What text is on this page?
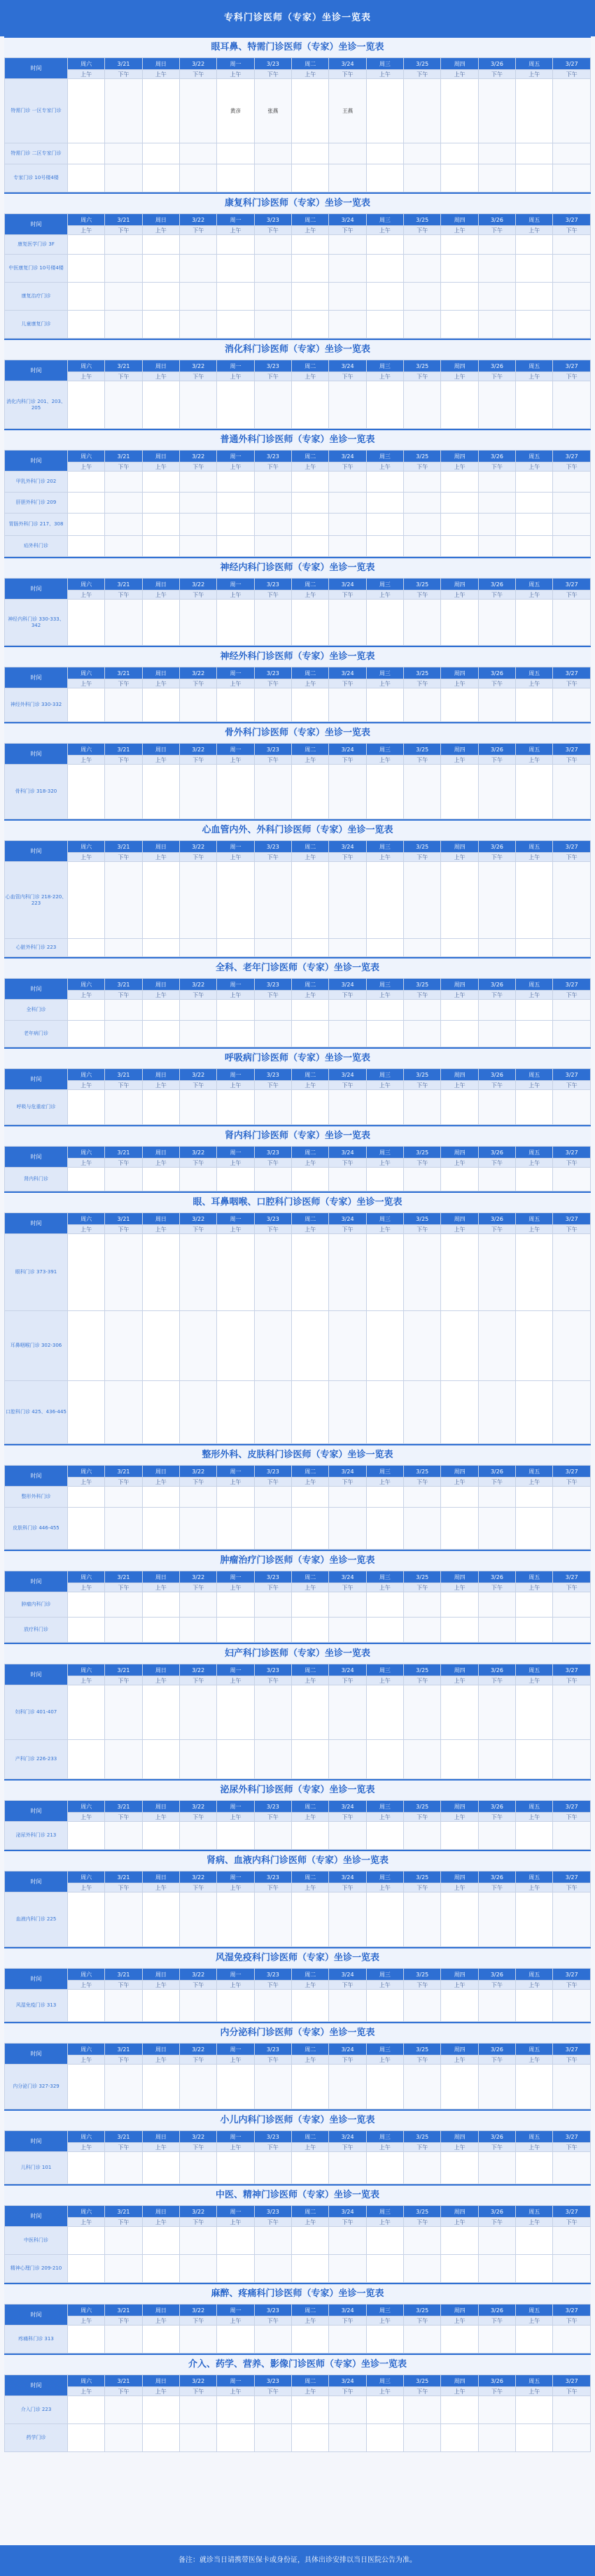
专科门诊医师（专家）坐诊一览表
眼耳鼻、特需门诊医师（专家）坐诊一览表
时间	周六	3/21	周日	3/22	周一	3/23	周二	3/24	周三	3/25	周四	3/26	周五	3/27
	上午	下午	上午	下午	上午	下午	上午	下午	上午	下午	上午	下午	上午	下午
特需门诊 一区专家门诊					黄彦	张燕		王燕						
特需门诊 二区专家门诊														
专家门诊 10号楼4楼														
康复科门诊医师（专家）坐诊一览表
时间	周六	3/21	周日	3/22	周一	3/23	周二	3/24	周三	3/25	周四	3/26	周五	3/27
	上午	下午	上午	下午	上午	下午	上午	下午	上午	下午	上午	下午	上午	下午
康复医学门诊 3F														
中医康复门诊 10号楼4楼														
康复治疗门诊														
儿童康复门诊														
消化科门诊医师（专家）坐诊一览表
时间	周六	3/21	周日	3/22	周一	3/23	周二	3/24	周三	3/25	周四	3/26	周五	3/27
	上午	下午	上午	下午	上午	下午	上午	下午	上午	下午	上午	下午	上午	下午
消化内科门诊 201、203、205														
普通外科门诊医师（专家）坐诊一览表
时间	周六	3/21	周日	3/22	周一	3/23	周二	3/24	周三	3/25	周四	3/26	周五	3/27
	上午	下午	上午	下午	上午	下午	上午	下午	上午	下午	上午	下午	上午	下午
甲乳外科门诊 202														
肝胆外科门诊 209														
胃肠外科门诊 217、308														
疝外科门诊														
神经内科门诊医师（专家）坐诊一览表
时间	周六	3/21	周日	3/22	周一	3/23	周二	3/24	周三	3/25	周四	3/26	周五	3/27
	上午	下午	上午	下午	上午	下午	上午	下午	上午	下午	上午	下午	上午	下午
神经内科门诊 330-333、342														
神经外科门诊医师（专家）坐诊一览表
时间	周六	3/21	周日	3/22	周一	3/23	周二	3/24	周三	3/25	周四	3/26	周五	3/27
	上午	下午	上午	下午	上午	下午	上午	下午	上午	下午	上午	下午	上午	下午
神经外科门诊 330-332														
骨外科门诊医师（专家）坐诊一览表
时间	周六	3/21	周日	3/22	周一	3/23	周二	3/24	周三	3/25	周四	3/26	周五	3/27
	上午	下午	上午	下午	上午	下午	上午	下午	上午	下午	上午	下午	上午	下午
骨科门诊 318-320														
心血管内外、外科门诊医师（专家）坐诊一览表
时间	周六	3/21	周日	3/22	周一	3/23	周二	3/24	周三	3/25	周四	3/26	周五	3/27
	上午	下午	上午	下午	上午	下午	上午	下午	上午	下午	上午	下午	上午	下午
心血管内科门诊 218-220、223														
心脏外科门诊 223														
全科、老年门诊医师（专家）坐诊一览表
时间	周六	3/21	周日	3/22	周一	3/23	周二	3/24	周三	3/25	周四	3/26	周五	3/27
	上午	下午	上午	下午	上午	下午	上午	下午	上午	下午	上午	下午	上午	下午
全科门诊														
老年病门诊														
呼吸病门诊医师（专家）坐诊一览表
时间	周六	3/21	周日	3/22	周一	3/23	周二	3/24	周三	3/25	周四	3/26	周五	3/27
	上午	下午	上午	下午	上午	下午	上午	下午	上午	下午	上午	下午	上午	下午
呼吸与危重症门诊														
肾内科门诊医师（专家）坐诊一览表
时间	周六	3/21	周日	3/22	周一	3/23	周二	3/24	周三	3/25	周四	3/26	周五	3/27
	上午	下午	上午	下午	上午	下午	上午	下午	上午	下午	上午	下午	上午	下午
肾内科门诊														
眼、耳鼻咽喉、口腔科门诊医师（专家）坐诊一览表
时间	周六	3/21	周日	3/22	周一	3/23	周二	3/24	周三	3/25	周四	3/26	周五	3/27
	上午	下午	上午	下午	上午	下午	上午	下午	上午	下午	上午	下午	上午	下午
眼科门诊 373-391														
耳鼻咽喉门诊 302-306														
口腔科门诊 425、436-445														
整形外科、皮肤科门诊医师（专家）坐诊一览表
时间	周六	3/21	周日	3/22	周一	3/23	周二	3/24	周三	3/25	周四	3/26	周五	3/27
	上午	下午	上午	下午	上午	下午	上午	下午	上午	下午	上午	下午	上午	下午
整形外科门诊														
皮肤科门诊 446-455														
肿瘤治疗门诊医师（专家）坐诊一览表
时间	周六	3/21	周日	3/22	周一	3/23	周二	3/24	周三	3/25	周四	3/26	周五	3/27
	上午	下午	上午	下午	上午	下午	上午	下午	上午	下午	上午	下午	上午	下午
肿瘤内科门诊														
放疗科门诊														
妇产科门诊医师（专家）坐诊一览表
时间	周六	3/21	周日	3/22	周一	3/23	周二	3/24	周三	3/25	周四	3/26	周五	3/27
	上午	下午	上午	下午	上午	下午	上午	下午	上午	下午	上午	下午	上午	下午
妇科门诊 401-407														
产科门诊 226-233														
泌尿外科门诊医师（专家）坐诊一览表
时间	周六	3/21	周日	3/22	周一	3/23	周二	3/24	周三	3/25	周四	3/26	周五	3/27
	上午	下午	上午	下午	上午	下午	上午	下午	上午	下午	上午	下午	上午	下午
泌尿外科门诊 213														
肾病、血液内科门诊医师（专家）坐诊一览表
时间	周六	3/21	周日	3/22	周一	3/23	周二	3/24	周三	3/25	周四	3/26	周五	3/27
	上午	下午	上午	下午	上午	下午	上午	下午	上午	下午	上午	下午	上午	下午
血液内科门诊 225														
风湿免疫科门诊医师（专家）坐诊一览表
时间	周六	3/21	周日	3/22	周一	3/23	周二	3/24	周三	3/25	周四	3/26	周五	3/27
	上午	下午	上午	下午	上午	下午	上午	下午	上午	下午	上午	下午	上午	下午
风湿免疫门诊 313														
内分泌科门诊医师（专家）坐诊一览表
时间	周六	3/21	周日	3/22	周一	3/23	周二	3/24	周三	3/25	周四	3/26	周五	3/27
	上午	下午	上午	下午	上午	下午	上午	下午	上午	下午	上午	下午	上午	下午
内分泌门诊 327-329														
小儿内科门诊医师（专家）坐诊一览表
时间	周六	3/21	周日	3/22	周一	3/23	周二	3/24	周三	3/25	周四	3/26	周五	3/27
	上午	下午	上午	下午	上午	下午	上午	下午	上午	下午	上午	下午	上午	下午
儿科门诊 101														
中医、精神门诊医师（专家）坐诊一览表
时间	周六	3/21	周日	3/22	周一	3/23	周二	3/24	周三	3/25	周四	3/26	周五	3/27
	上午	下午	上午	下午	上午	下午	上午	下午	上午	下午	上午	下午	上午	下午
中医科门诊														
精神心理门诊 209-210														
麻醉、疼痛科门诊医师（专家）坐诊一览表
时间	周六	3/21	周日	3/22	周一	3/23	周二	3/24	周三	3/25	周四	3/26	周五	3/27
	上午	下午	上午	下午	上午	下午	上午	下午	上午	下午	上午	下午	上午	下午
疼痛科门诊 313														
介入、药学、营养、影像门诊医师（专家）坐诊一览表
时间	周六	3/21	周日	3/22	周一	3/23	周二	3/24	周三	3/25	周四	3/26	周五	3/27
	上午	下午	上午	下午	上午	下午	上午	下午	上午	下午	上午	下午	上午	下午
介入门诊 223														
药学门诊														
备注：就诊当日请携带医保卡或身份证，具体出诊安排以当日医院公告为准。
